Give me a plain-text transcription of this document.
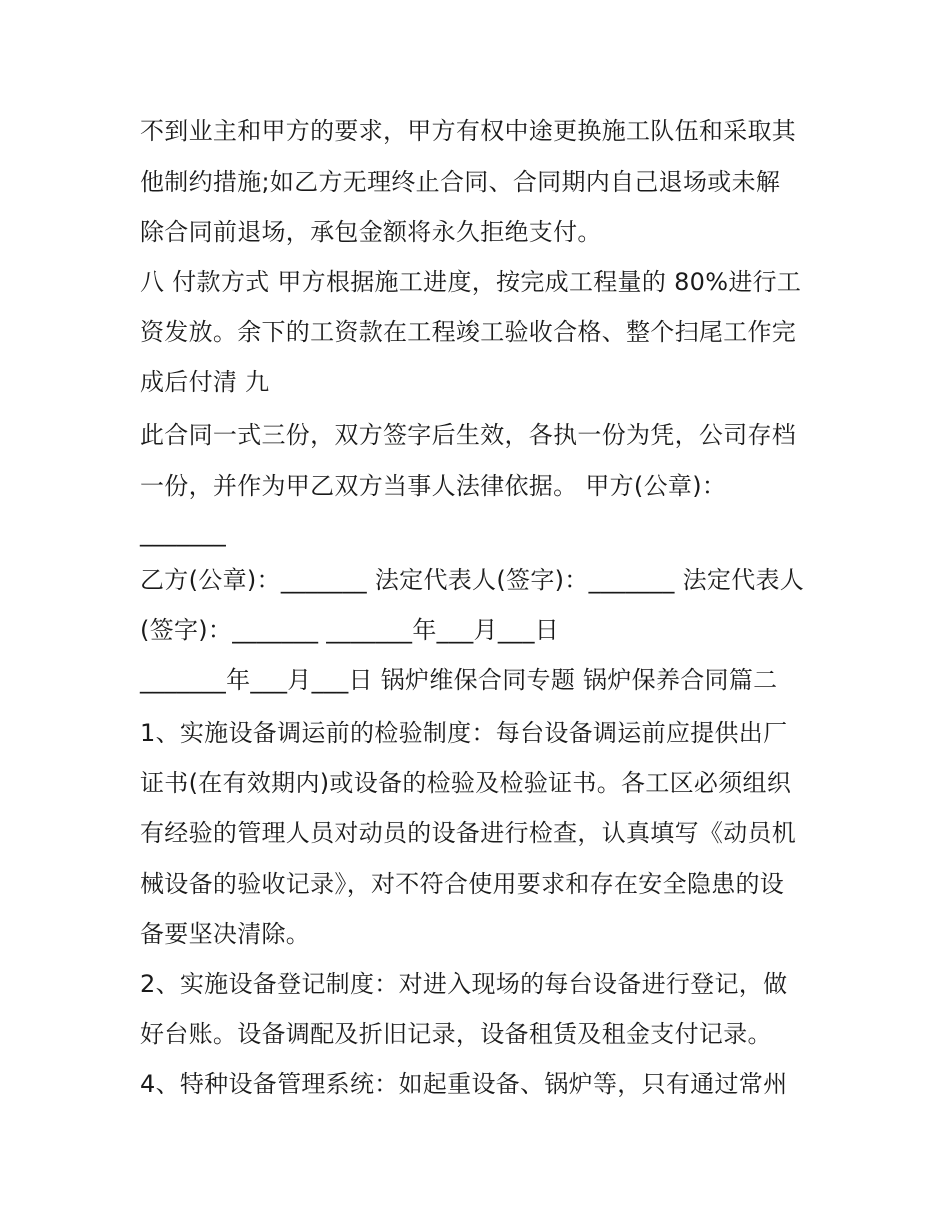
不到业主和甲方的要求，甲方有权中途更换施工队伍和采取其

他制约措施;如乙方无理终止合同、合同期内自己退场或未解

除合同前退场，承包金额将永久拒绝支付。

八 付款方式 甲方根据施工进度，按完成工程量的 80%进行工

资发放。余下的工资款在工程竣工验收合格、整个扫尾工作完

成后付清 九

此合同一式三份，双方签字后生效，各执一份为凭，公司存档

一份，并作为甲乙双方当事人法律依据。 甲方(公章)：

_______

乙方(公章)：_______ 法定代表人(签字)：_______ 法定代表人

(签字)：_______ _______年___月___日

_______年___月___日 锅炉维保合同专题 锅炉保养合同篇二

1、实施设备调运前的检验制度：每台设备调运前应提供出厂

证书(在有效期内)或设备的检验及检验证书。各工区必须组织

有经验的管理人员对动员的设备进行检查，认真填写《动员机

械设备的验收记录》，对不符合使用要求和存在安全隐患的设

备要坚决清除。

2、实施设备登记制度：对进入现场的每台设备进行登记，做

好台账。设备调配及折旧记录，设备租赁及租金支付记录。

4、特种设备管理系统：如起重设备、锅炉等，只有通过常州
